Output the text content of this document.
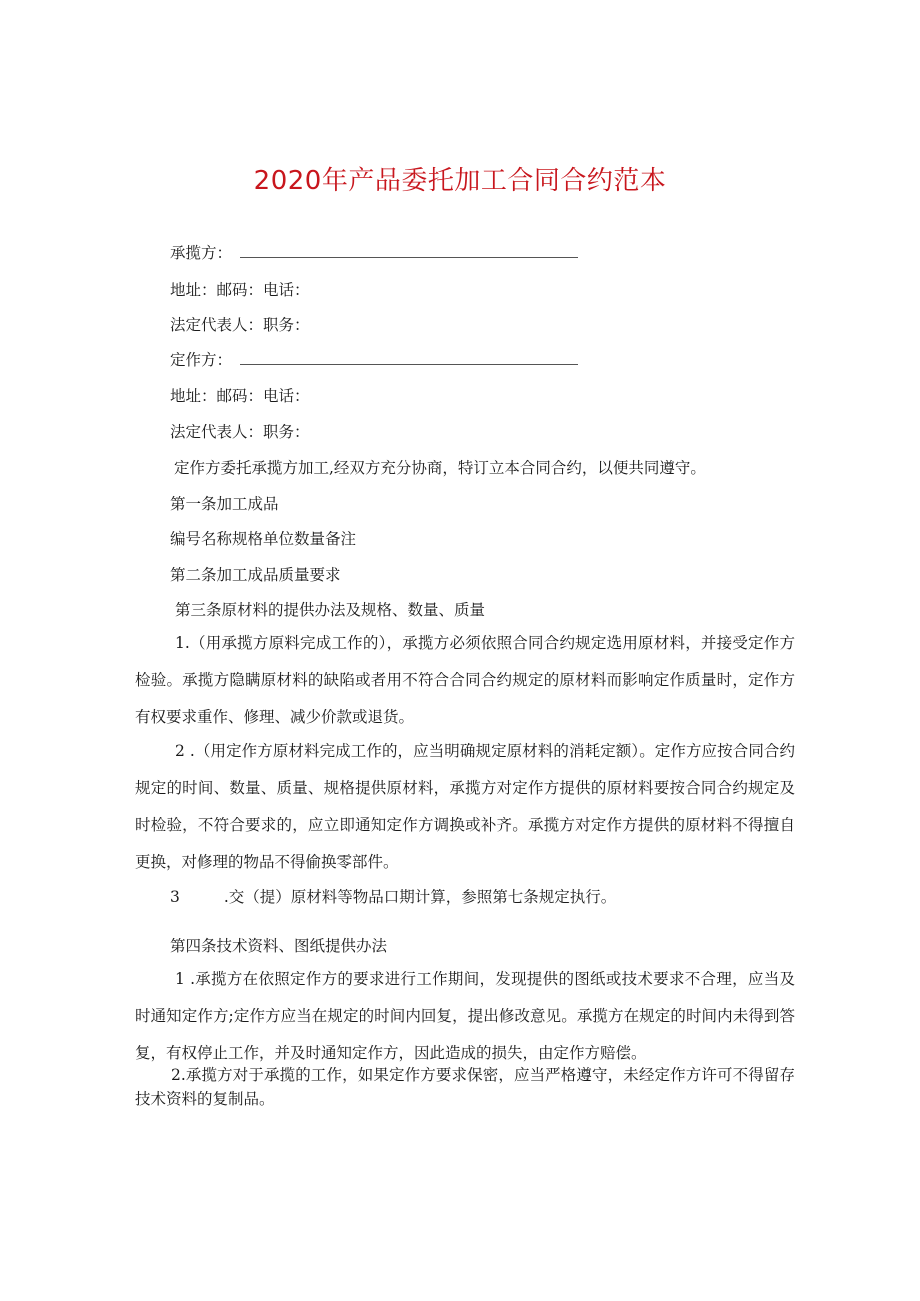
2020年产品委托加工合同合约范本
承揽方：
地址：邮码：电话：
法定代表人：职务：
定作方：
地址：邮码：电话：
法定代表人：职务：
定作方委托承揽方加工,经双方充分协商，特订立本合同合约，以便共同遵守。
第一条加工成品
编号名称规格单位数量备注
第二条加工成品质量要求
第三条原材料的提供办法及规格、数量、质量
1.（用承揽方原料完成工作的），承揽方必须依照合同合约规定选用原材料，并接受定作方检验。承揽方隐瞒原材料的缺陷或者用不符合合同合约规定的原材料而影响定作质量时，定作方有权要求重作、修理、减少价款或退货。
2 .（用定作方原材料完成工作的，应当明确规定原材料的消耗定额）。定作方应按合同合约规定的时间、数量、质量、规格提供原材料，承揽方对定作方提供的原材料要按合同合约规定及时检验，不符合要求的，应立即通知定作方调换或补齐。承揽方对定作方提供的原材料不得擅自更换，对修理的物品不得偷换零部件。
3	.交（提）原材料等物品口期计算，参照第七条规定执行。
第四条技术资料、图纸提供办法
1 .承揽方在依照定作方的要求进行工作期间，发现提供的图纸或技术要求不合理，应当及时通知定作方;定作方应当在规定的时间内回复，提出修改意见。承揽方在规定的时间内未得到答复，有权停止工作，并及时通知定作方，因此造成的损失，由定作方赔偿。
2.承揽方对于承揽的工作，如果定作方要求保密，应当严格遵守，未经定作方许可不得留存技术资料的复制品。
